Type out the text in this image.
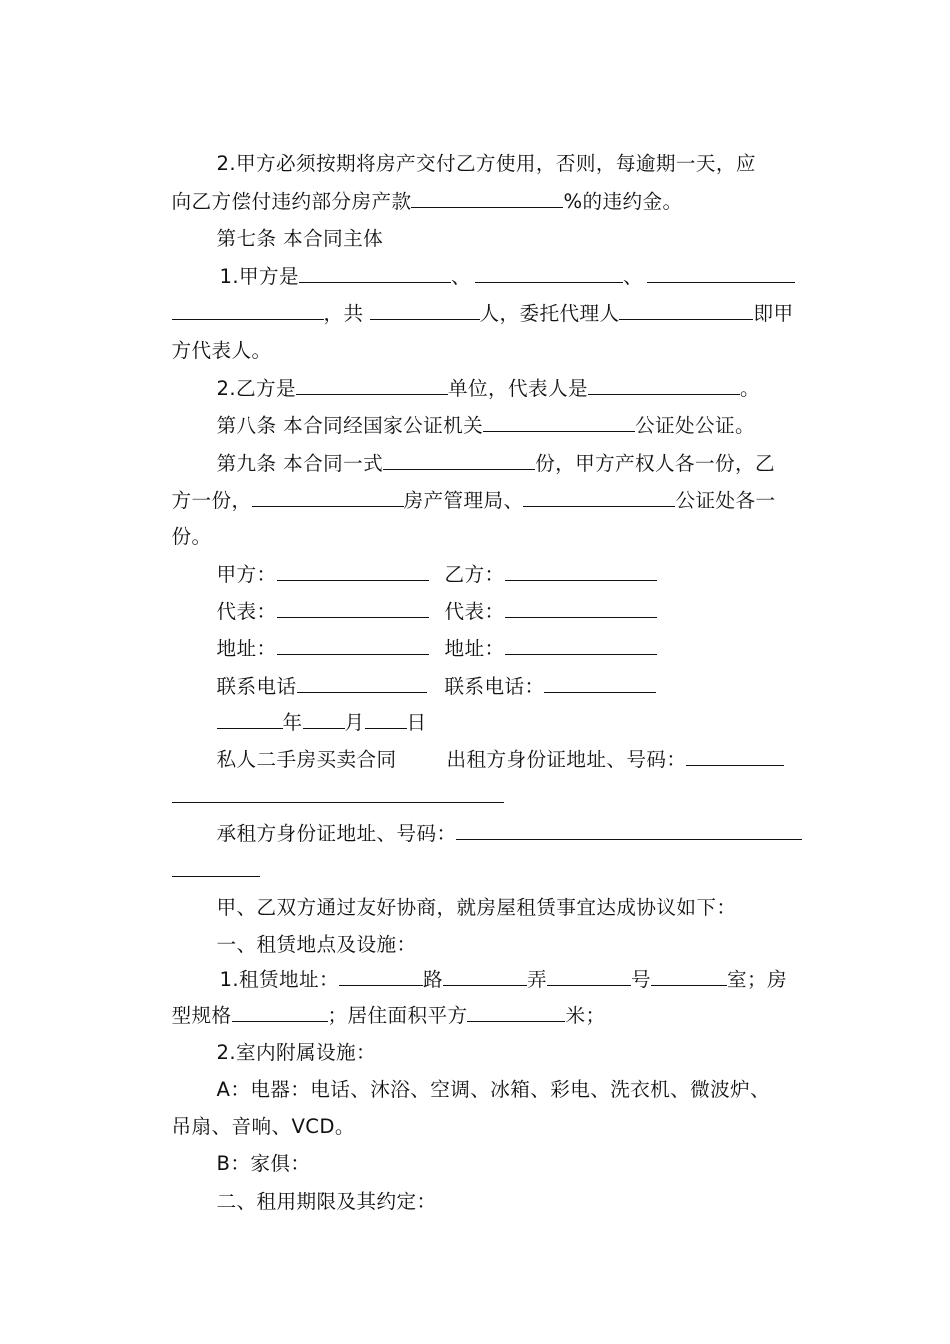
2.甲方必须按期将房产交付乙方使用，否则，每逾期一天，应

向乙方偿付违约部分房产款	%的违约金。

第七条 本合同主体

1.甲方是	、	、

，共	人，委托代理人	即甲

方代表人。

2.乙方是	单位，代表人是	。

第八条 本合同经国家公证机关	公证处公证。

第九条 本合同一式	份，甲方产权人各一份，乙

方一份，	房产管理局、	公证处各一

份。

甲方：	乙方：

代表：	代表：

地址：	地址：

联系电话	联系电话：

年 月 日

私人二手房买卖合同	出租方身份证地址、号码：

承租方身份证地址、号码：

甲、乙双方通过友好协商，就房屋租赁事宜达成协议如下：

一、租赁地点及设施：

1.租赁地址：	路	弄	号	室；房

型规格	；居住面积平方	米；

2.室内附属设施：

A：电器：电话、沐浴、空调、冰箱、彩电、洗衣机、微波炉、

吊扇、音响、VCD。

B：家俱：

二、租用期限及其约定：
